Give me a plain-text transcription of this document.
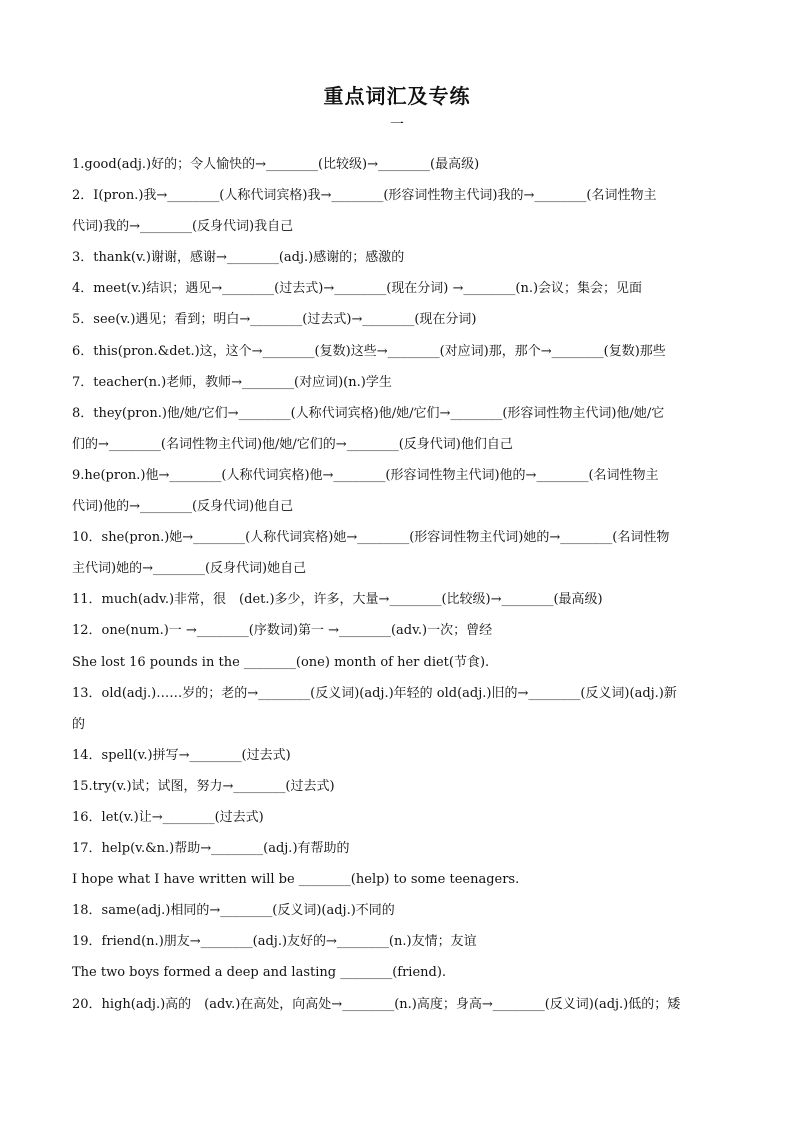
重点词汇及专练
一
1.good(adj.)好的；令人愉快的→________(比较级)→________(最高级)
2．I(pron.)我→________(人称代词宾格)我→________(形容词性物主代词)我的→________(名词性物主
代词)我的→________(反身代词)我自己
3．thank(v.)谢谢，感谢→________(adj.)感谢的；感激的
4．meet(v.)结识；遇见→________(过去式)→________(现在分词) →________(n.)会议；集会；见面
5．see(v.)遇见；看到；明白→________(过去式)→________(现在分词)
6．this(pron.&det.)这，这个→________(复数)这些→________(对应词)那，那个→________(复数)那些
7．teacher(n.)老师，教师→________(对应词)(n.)学生
8．they(pron.)他/她/它们→________(人称代词宾格)他/她/它们→________(形容词性物主代词)他/她/它
们的→________(名词性物主代词)他/她/它们的→________(反身代词)他们自己
9.he(pron.)他→________(人称代词宾格)他→________(形容词性物主代词)他的→________(名词性物主
代词)他的→________(反身代词)他自己
10．she(pron.)她→________(人称代词宾格)她→________(形容词性物主代词)她的→________(名词性物
主代词)她的→________(反身代词)她自己
11．much(adv.)非常，很　(det.)多少，许多，大量→________(比较级)→________(最高级)
12．one(num.)一 →________(序数词)第一 →________(adv.)一次；曾经
She lost 16 pounds in the ________(one) month of her diet(节食).
13．old(adj.)……岁的；老的→________(反义词)(adj.)年轻的 old(adj.)旧的→________(反义词)(adj.)新
的
14．spell(v.)拼写→________(过去式)
15.try(v.)试；试图，努力→________(过去式)
16．let(v.)让→________(过去式)
17．help(v.&n.)帮助→________(adj.)有帮助的
I hope what I have written will be ________(help) to some teenagers.
18．same(adj.)相同的→________(反义词)(adj.)不同的
19．friend(n.)朋友→________(adj.)友好的→________(n.)友情；友谊
The two boys formed a deep and lasting ________(friend).
20．high(adj.)高的　(adv.)在高处，向高处→________(n.)高度；身高→________(反义词)(adj.)低的；矮
